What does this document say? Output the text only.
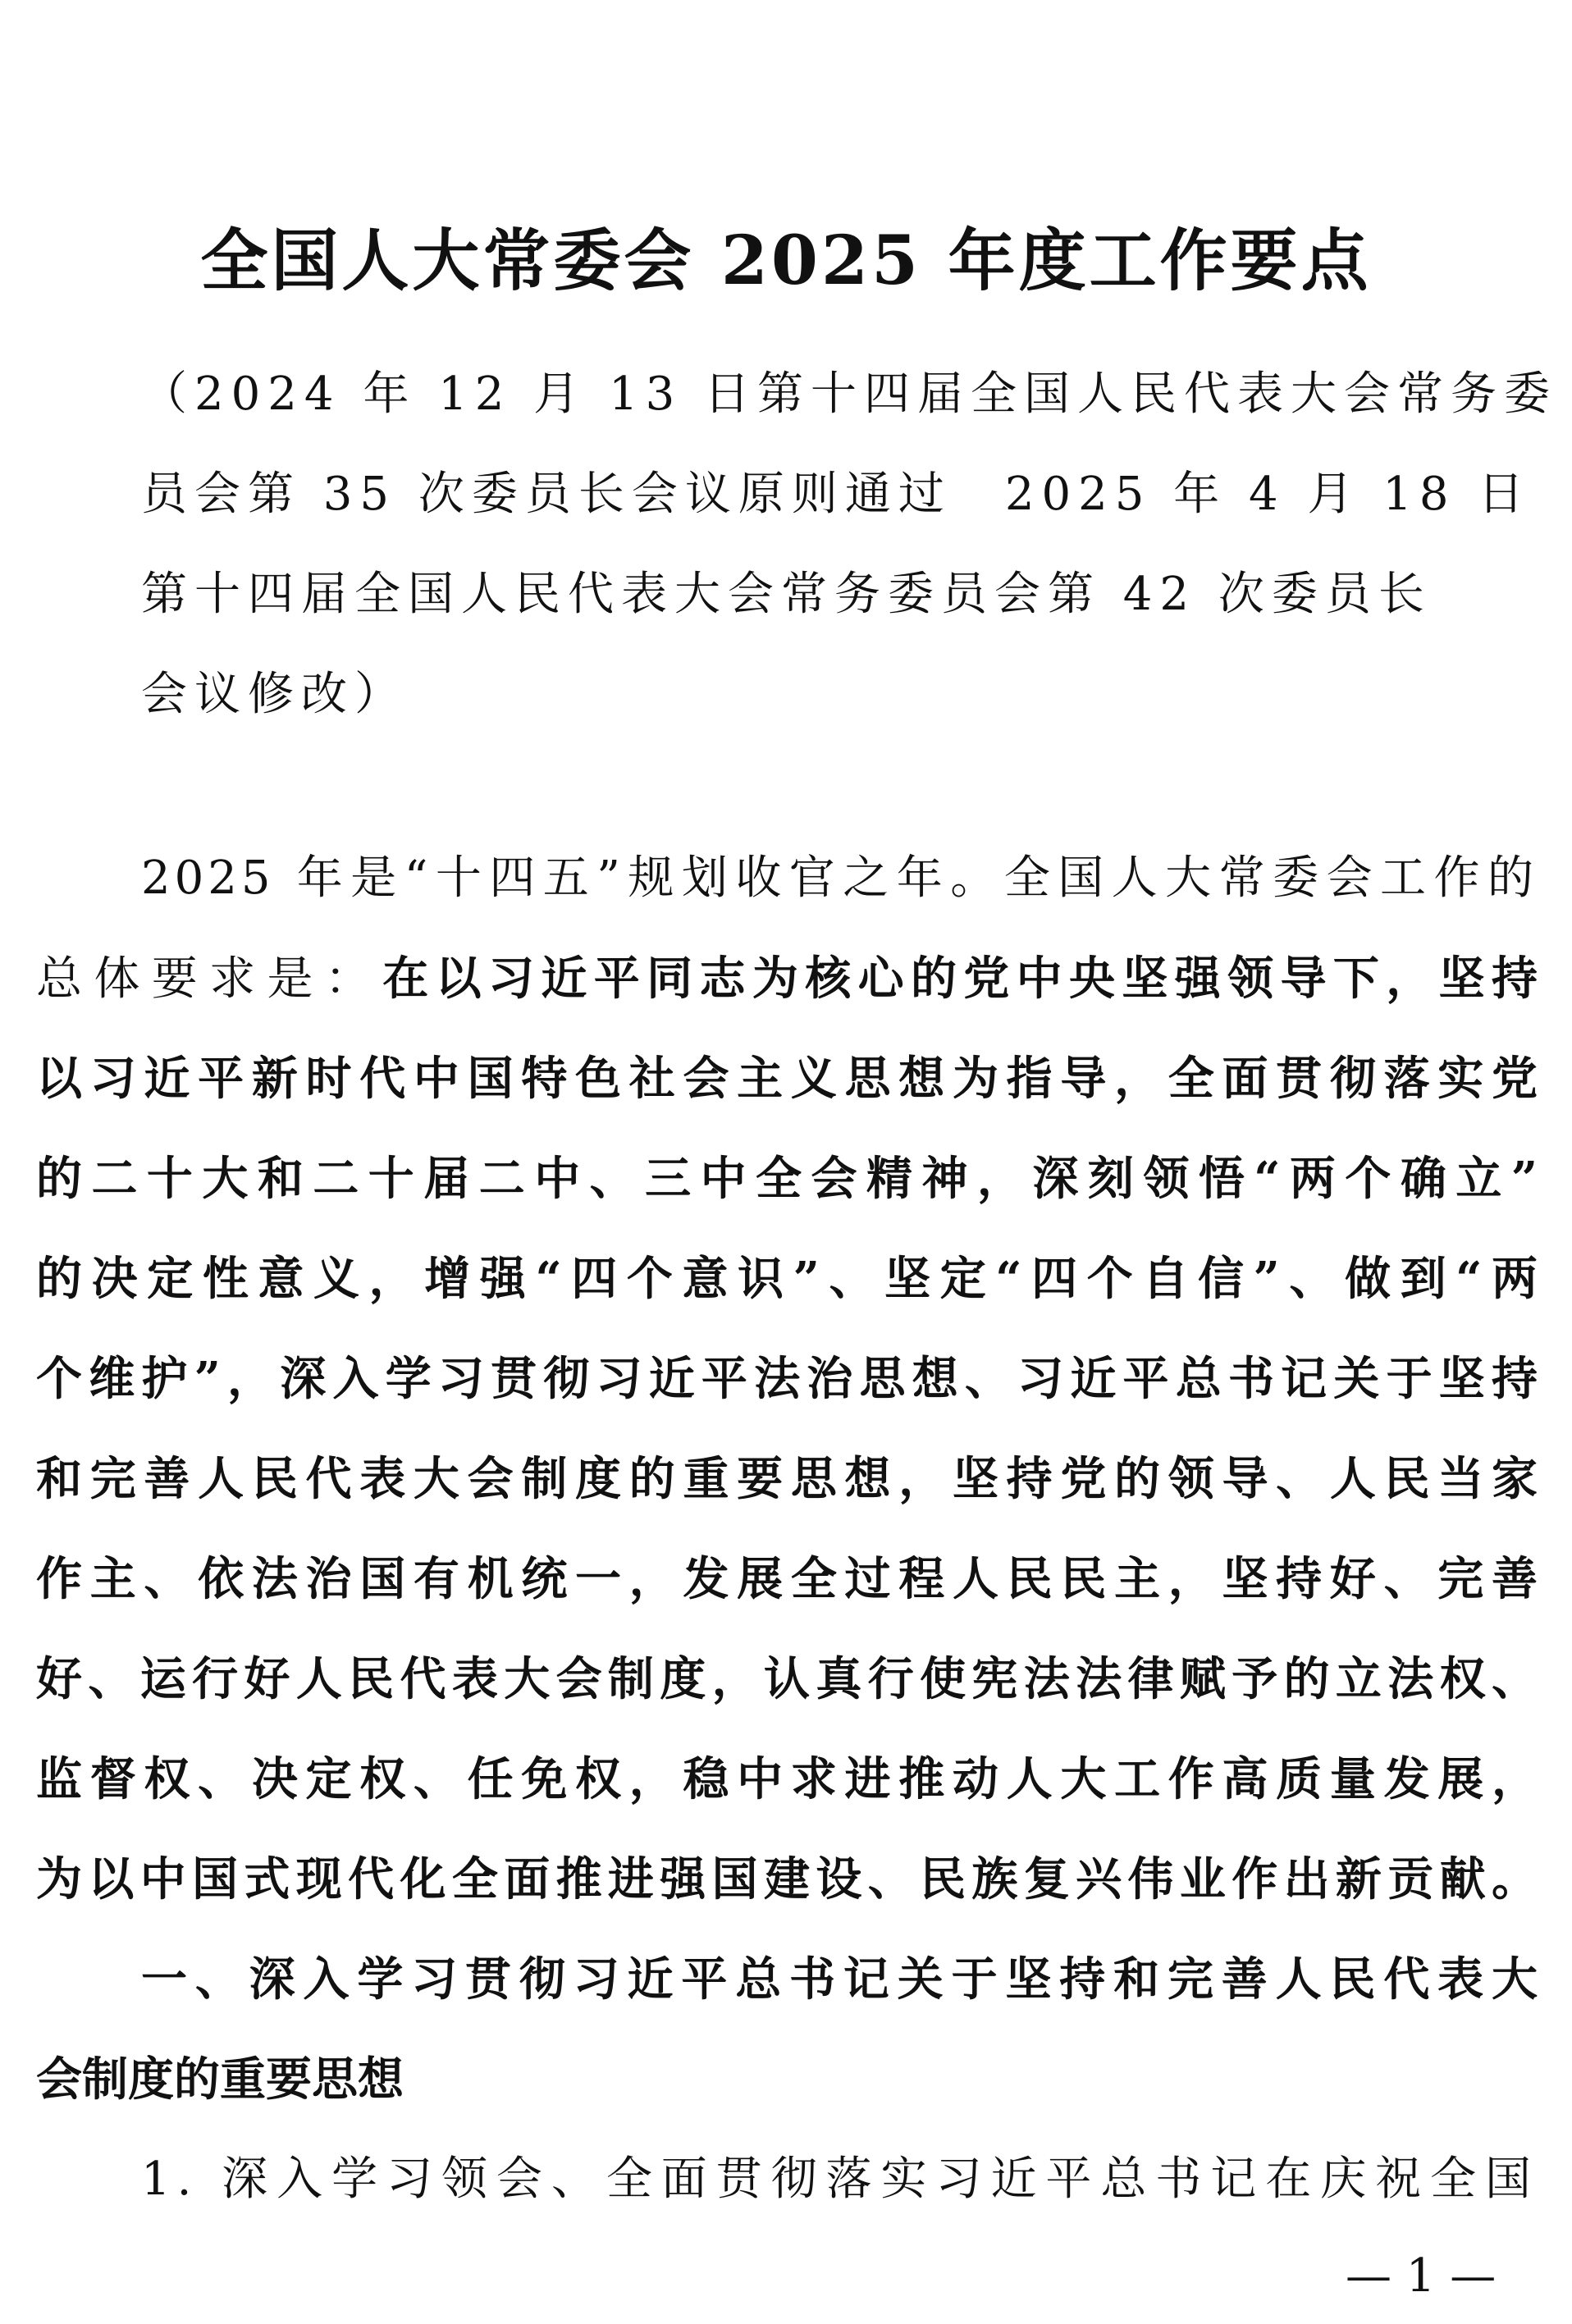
全国人大常委会 2025 年度工作要点
（2024 年 12 月 13 日第十四届全国人民代表大会常务委
员会第 35 次委员长会议原则通过　2025 年 4 月 18 日
第十四届全国人民代表大会常务委员会第 42 次委员长
会议修改）
2025 年是“十四五”规划收官之年。全国人大常委会工作的
总体要求是：在以习近平同志为核心的党中央坚强领导下，坚持
以习近平新时代中国特色社会主义思想为指导，全面贯彻落实党
的二十大和二十届二中、三中全会精神，深刻领悟“两个确立”
的决定性意义，增强“四个意识”、坚定“四个自信”、做到“两
个维护”，深入学习贯彻习近平法治思想、习近平总书记关于坚持
和完善人民代表大会制度的重要思想，坚持党的领导、人民当家
作主、依法治国有机统一，发展全过程人民民主，坚持好、完善
好、运行好人民代表大会制度，认真行使宪法法律赋予的立法权、
监督权、决定权、任免权，稳中求进推动人大工作高质量发展，
为以中国式现代化全面推进强国建设、民族复兴伟业作出新贡献。
一、深入学习贯彻习近平总书记关于坚持和完善人民代表大
会制度的重要思想
1. 深入学习领会、全面贯彻落实习近平总书记在庆祝全国
— 1 —
